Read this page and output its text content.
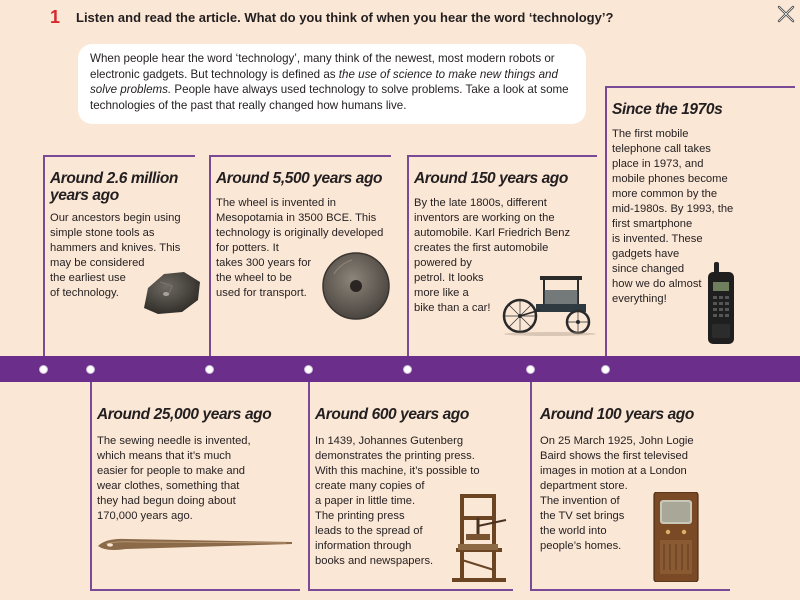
1 Listen and read the article. What do you think of when you hear the word ‘technology’?
When people hear the word ‘technology’, many think of the newest, most modern robots or electronic gadgets. But technology is defined as the use of science to make new things and solve problems. People have always used technology to solve problems. Take a look at some technologies of the past that really changed how humans live.
Around 2.6 million years ago
Our ancestors begin using
simple stone tools as
hammers and knives. This
may be considered
the earliest use
of technology.
Around 5,500 years ago
The wheel is invented in
Mesopotamia in 3500 BCE. This
technology is originally developed
for potters. It
takes 300 years for
the wheel to be
used for transport.
Around 150 years ago
By the late 1800s, different
inventors are working on the
automobile. Karl Friedrich Benz
creates the first automobile
powered by
petrol. It looks
more like a
bike than a car!
Since the 1970s
The first mobile
telephone call takes
place in 1973, and
mobile phones become
more common by the
mid-1980s. By 1993, the
first smartphone
is invented. These
gadgets have
since changed
how we do almost
everything!
Around 25,000 years ago
The sewing needle is invented,
which means that it’s much
easier for people to make and
wear clothes, something that
they had begun doing about
170,000 years ago.
Around 600 years ago
In 1439, Johannes Gutenberg
demonstrates the printing press.
With this machine, it’s possible to
create many copies of
a paper in little time.
The printing press
leads to the spread of
information through
books and newspapers.
Around 100 years ago
On 25 March 1925, John Logie
Baird shows the first televised
images in motion at a London
department store.
The invention of
the TV set brings
the world into
people’s homes.
